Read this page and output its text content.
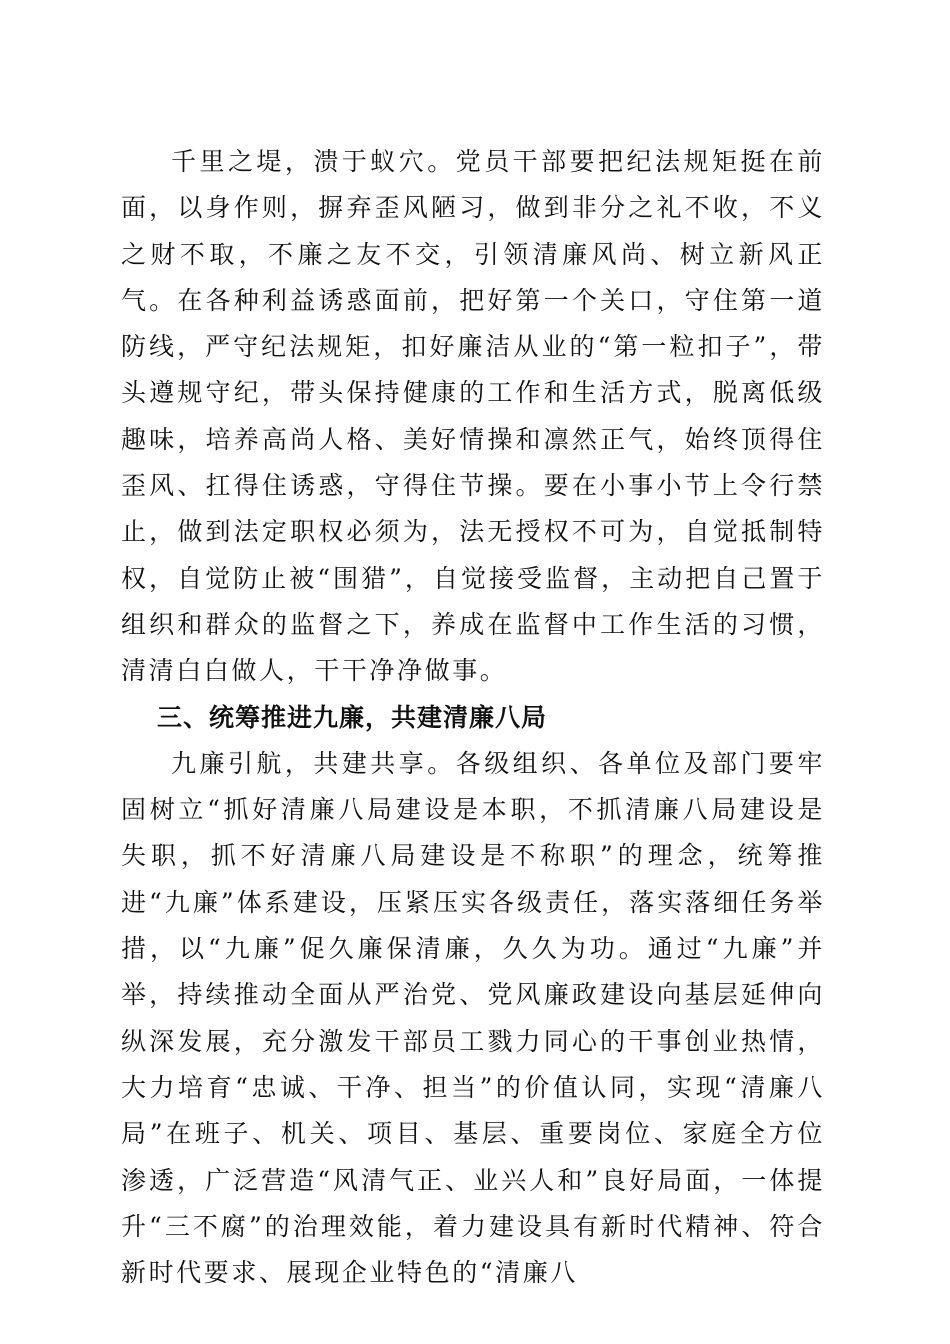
千里之堤，溃于蚁穴。党员干部要把纪法规矩挺在前面，以身作则，摒弃歪风陋习，做到非分之礼不收，不义之财不取，不廉之友不交，引领清廉风尚、树立新风正气。在各种利益诱惑面前，把好第一个关口，守住第一道防线，严守纪法规矩，扣好廉洁从业的“第一粒扣子”，带头遵规守纪，带头保持健康的工作和生活方式，脱离低级趣味，培养高尚人格、美好情操和凛然正气，始终顶得住歪风、扛得住诱惑，守得住节操。要在小事小节上令行禁止，做到法定职权必须为，法无授权不可为，自觉抵制特权，自觉防止被“围猎”，自觉接受监督，主动把自己置于组织和群众的监督之下，养成在监督中工作生活的习惯，清清白白做人，干干净净做事。

三、统筹推进九廉，共建清廉八局

九廉引航，共建共享。各级组织、各单位及部门要牢固树立“抓好清廉八局建设是本职，不抓清廉八局建设是失职，抓不好清廉八局建设是不称职”的理念，统筹推进“九廉”体系建设，压紧压实各级责任，落实落细任务举措，以“九廉”促久廉保清廉，久久为功。通过“九廉”并举，持续推动全面从严治党、党风廉政建设向基层延伸向纵深发展，充分激发干部员工戮力同心的干事创业热情，大力培育“忠诚、干净、担当”的价值认同，实现“清廉八局”在班子、机关、项目、基层、重要岗位、家庭全方位渗透，广泛营造“风清气正、业兴人和”良好局面，一体提升“三不腐”的治理效能，着力建设具有新时代精神、符合新时代要求、展现企业特色的“清廉八
